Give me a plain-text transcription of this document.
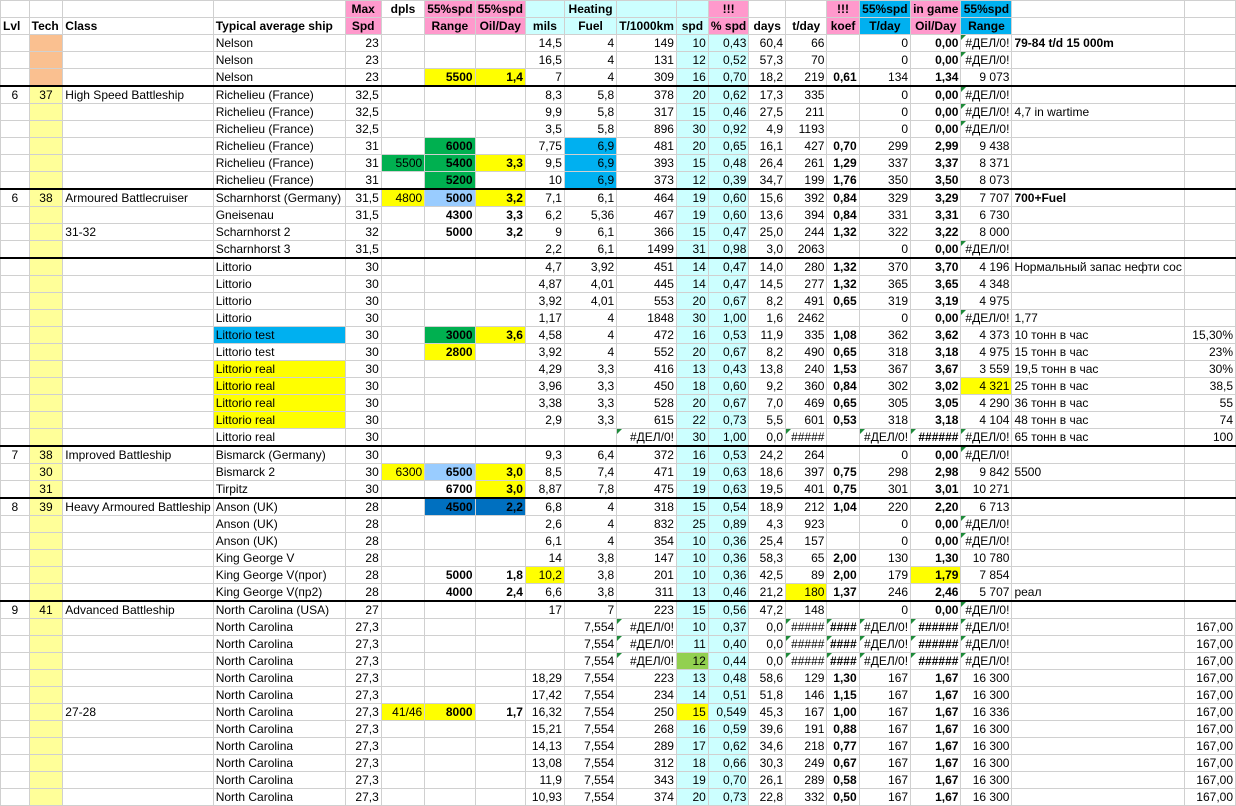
				Max	dpls	55%spd	55%spd		Heating			!!!			!!!	55%spd	in game	55%spd		
Lvl	Tech	Class	Typical average ship	Spd		Range	Oil/Day	mils	Fuel	T/1000km	spd	% spd	days	t/day	koef	T/day	Oil/Day	Range		
			Nelson	23				14,5	4	149	10	0,43	60,4	66		0	0,00	#ДЕЛ/0!	79-84 t/d 15 000m	
			Nelson	23				16,5	4	131	12	0,52	57,3	70		0	0,00	#ДЕЛ/0!		
			Nelson	23		5500	1,4	7	4	309	16	0,70	18,2	219	0,61	134	1,34	9 073		
6	37	High Speed Battleship	Richelieu (France)	32,5				8,3	5,8	378	20	0,62	17,3	335		0	0,00	#ДЕЛ/0!		
			Richelieu (France)	32,5				9,9	5,8	317	15	0,46	27,5	211		0	0,00	#ДЕЛ/0!	4,7 in wartime	
			Richelieu (France)	32,5				3,5	5,8	896	30	0,92	4,9	1193		0	0,00	#ДЕЛ/0!		
			Richelieu (France)	31		6000		7,75	6,9	481	20	0,65	16,1	427	0,70	299	2,99	9 438		
			Richelieu (France)	31	5500	5400	3,3	9,5	6,9	393	15	0,48	26,4	261	1,29	337	3,37	8 371		
			Richelieu (France)	31		5200		10	6,9	373	12	0,39	34,7	199	1,76	350	3,50	8 073		
6	38	Armoured Battlecruiser	Scharnhorst (Germany)	31,5	4800	5000	3,2	7,1	6,1	464	19	0,60	15,6	392	0,84	329	3,29	7 707	700+Fuel	
			Gneisenau	31,5		4300	3,3	6,2	5,36	467	19	0,60	13,6	394	0,84	331	3,31	6 730		
		31-32	Scharnhorst 2	32		5000	3,2	9	6,1	366	15	0,47	25,0	244	1,32	322	3,22	8 000		
			Scharnhorst 3	31,5				2,2	6,1	1499	31	0,98	3,0	2063		0	0,00	#ДЕЛ/0!		
			Littorio	30				4,7	3,92	451	14	0,47	14,0	280	1,32	370	3,70	4 196	Нормальный запас нефти сос	
			Littorio	30				4,87	4,01	445	14	0,47	14,5	277	1,32	365	3,65	4 348		
			Littorio	30				3,92	4,01	553	20	0,67	8,2	491	0,65	319	3,19	4 975		
			Littorio	30				1,17	4	1848	30	1,00	1,6	2462		0	0,00	#ДЕЛ/0!	1,77	
			Littorio test	30		3000	3,6	4,58	4	472	16	0,53	11,9	335	1,08	362	3,62	4 373	10 тонн в час	15,30%
			Littorio test	30		2800		3,92	4	552	20	0,67	8,2	490	0,65	318	3,18	4 975	15 тонн в час	23%
			Littorio real	30				4,29	3,3	416	13	0,43	13,8	240	1,53	367	3,67	3 559	19,5 тонн в час	30%
			Littorio real	30				3,96	3,3	450	18	0,60	9,2	360	0,84	302	3,02	4 321	25 тонн в час	38,5
			Littorio real	30				3,38	3,3	528	20	0,67	7,0	469	0,65	305	3,05	4 290	36 тонн в час	55
			Littorio real	30				2,9	3,3	615	22	0,73	5,5	601	0,53	318	3,18	4 104	48 тонн в час	74
			Littorio real	30						#ДЕЛ/0!	30	1,00	0,0	#####		#ДЕЛ/0!	######	#ДЕЛ/0!	65 тонн в час	100
7	38	Improved Battleship	Bismarck (Germany)	30				9,3	6,4	372	16	0,53	24,2	264		0	0,00	#ДЕЛ/0!		
	30		Bismarck 2	30	6300	6500	3,0	8,5	7,4	471	19	0,63	18,6	397	0,75	298	2,98	9 842	5500	
	31		Tirpitz	30		6700	3,0	8,87	7,8	475	19	0,63	19,5	401	0,75	301	3,01	10 271		
8	39	Heavy Armoured Battleship	Anson (UK)	28		4500	2,2	6,8	4	318	15	0,54	18,9	212	1,04	220	2,20	6 713		
			Anson (UK)	28				2,6	4	832	25	0,89	4,3	923		0	0,00	#ДЕЛ/0!		
			Anson (UK)	28				6,1	4	354	10	0,36	25,4	157		0	0,00	#ДЕЛ/0!		
			King George V	28				14	3,8	147	10	0,36	58,3	65	2,00	130	1,30	10 780		
			King George V(прог)	28		5000	1,8	10,2	3,8	201	10	0,36	42,5	89	2,00	179	1,79	7 854		
			King George V(пр2)	28		4000	2,4	6,6	3,8	311	13	0,46	21,2	180	1,37	246	2,46	5 707	реал	
9	41	Advanced Battleship	North Carolina (USA)	27				17	7	223	15	0,56	47,2	148		0	0,00	#ДЕЛ/0!		
			North Carolina	27,3					7,554	#ДЕЛ/0!	10	0,37	0,0	#####	####	#ДЕЛ/0!	######	#ДЕЛ/0!		167,00
			North Carolina	27,3					7,554	#ДЕЛ/0!	11	0,40	0,0	#####	####	#ДЕЛ/0!	######	#ДЕЛ/0!		167,00
			North Carolina	27,3					7,554	#ДЕЛ/0!	12	0,44	0,0	#####	####	#ДЕЛ/0!	######	#ДЕЛ/0!		167,00
			North Carolina	27,3				18,29	7,554	223	13	0,48	58,6	129	1,30	167	1,67	16 300		167,00
			North Carolina	27,3				17,42	7,554	234	14	0,51	51,8	146	1,15	167	1,67	16 300		167,00
		27-28	North Carolina	27,3	41/46	8000	1,7	16,32	7,554	250	15	0,549	45,3	167	1,00	167	1,67	16 336		167,00
			North Carolina	27,3				15,21	7,554	268	16	0,59	39,6	191	0,88	167	1,67	16 300		167,00
			North Carolina	27,3				14,13	7,554	289	17	0,62	34,6	218	0,77	167	1,67	16 300		167,00
			North Carolina	27,3				13,08	7,554	312	18	0,66	30,3	249	0,67	167	1,67	16 300		167,00
			North Carolina	27,3				11,9	7,554	343	19	0,70	26,1	289	0,58	167	1,67	16 300		167,00
			North Carolina	27,3				10,93	7,554	374	20	0,73	22,8	332	0,50	167	1,67	16 300		167,00
